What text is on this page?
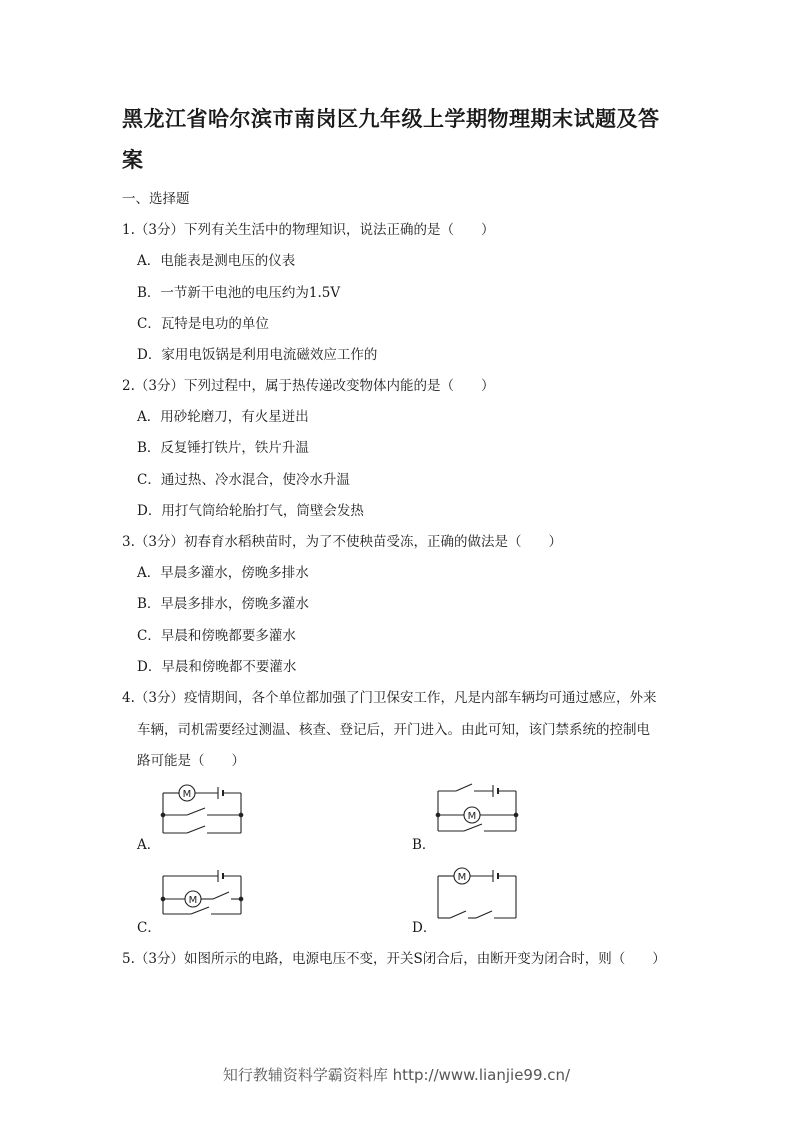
黑龙江省哈尔滨市南岗区九年级上学期物理期末试题及答
案
一、选择题
1.（3分）下列有关生活中的物理知识，说法正确的是（　　）
A．电能表是测电压的仪表
B．一节新干电池的电压约为1.5V
C．瓦特是电功的单位
D．家用电饭锅是利用电流磁效应工作的
2.（3分）下列过程中，属于热传递改变物体内能的是（　　）
A．用砂轮磨刀，有火星迸出
B．反复锤打铁片，铁片升温
C．通过热、冷水混合，使冷水升温
D．用打气筒给轮胎打气，筒壁会发热
3.（3分）初春育水稻秧苗时，为了不使秧苗受冻，正确的做法是（　　）
A．早晨多灌水，傍晚多排水
B．早晨多排水，傍晚多灌水
C．早晨和傍晚都要多灌水
D．早晨和傍晚都不要灌水
4.（3分）疫情期间，各个单位都加强了门卫保安工作，凡是内部车辆均可通过感应，外来
车辆，司机需要经过测温、核查、登记后，开门进入。由此可知，该门禁系统的控制电
路可能是（　　）
A．
M
B．
M
C．
M
D．
M
5.（3分）如图所示的电路，电源电压不变，开关S闭合后，由断开变为闭合时，则（　　）
知行教辅资料学霸资料库 http://www.lianjie99.cn/
